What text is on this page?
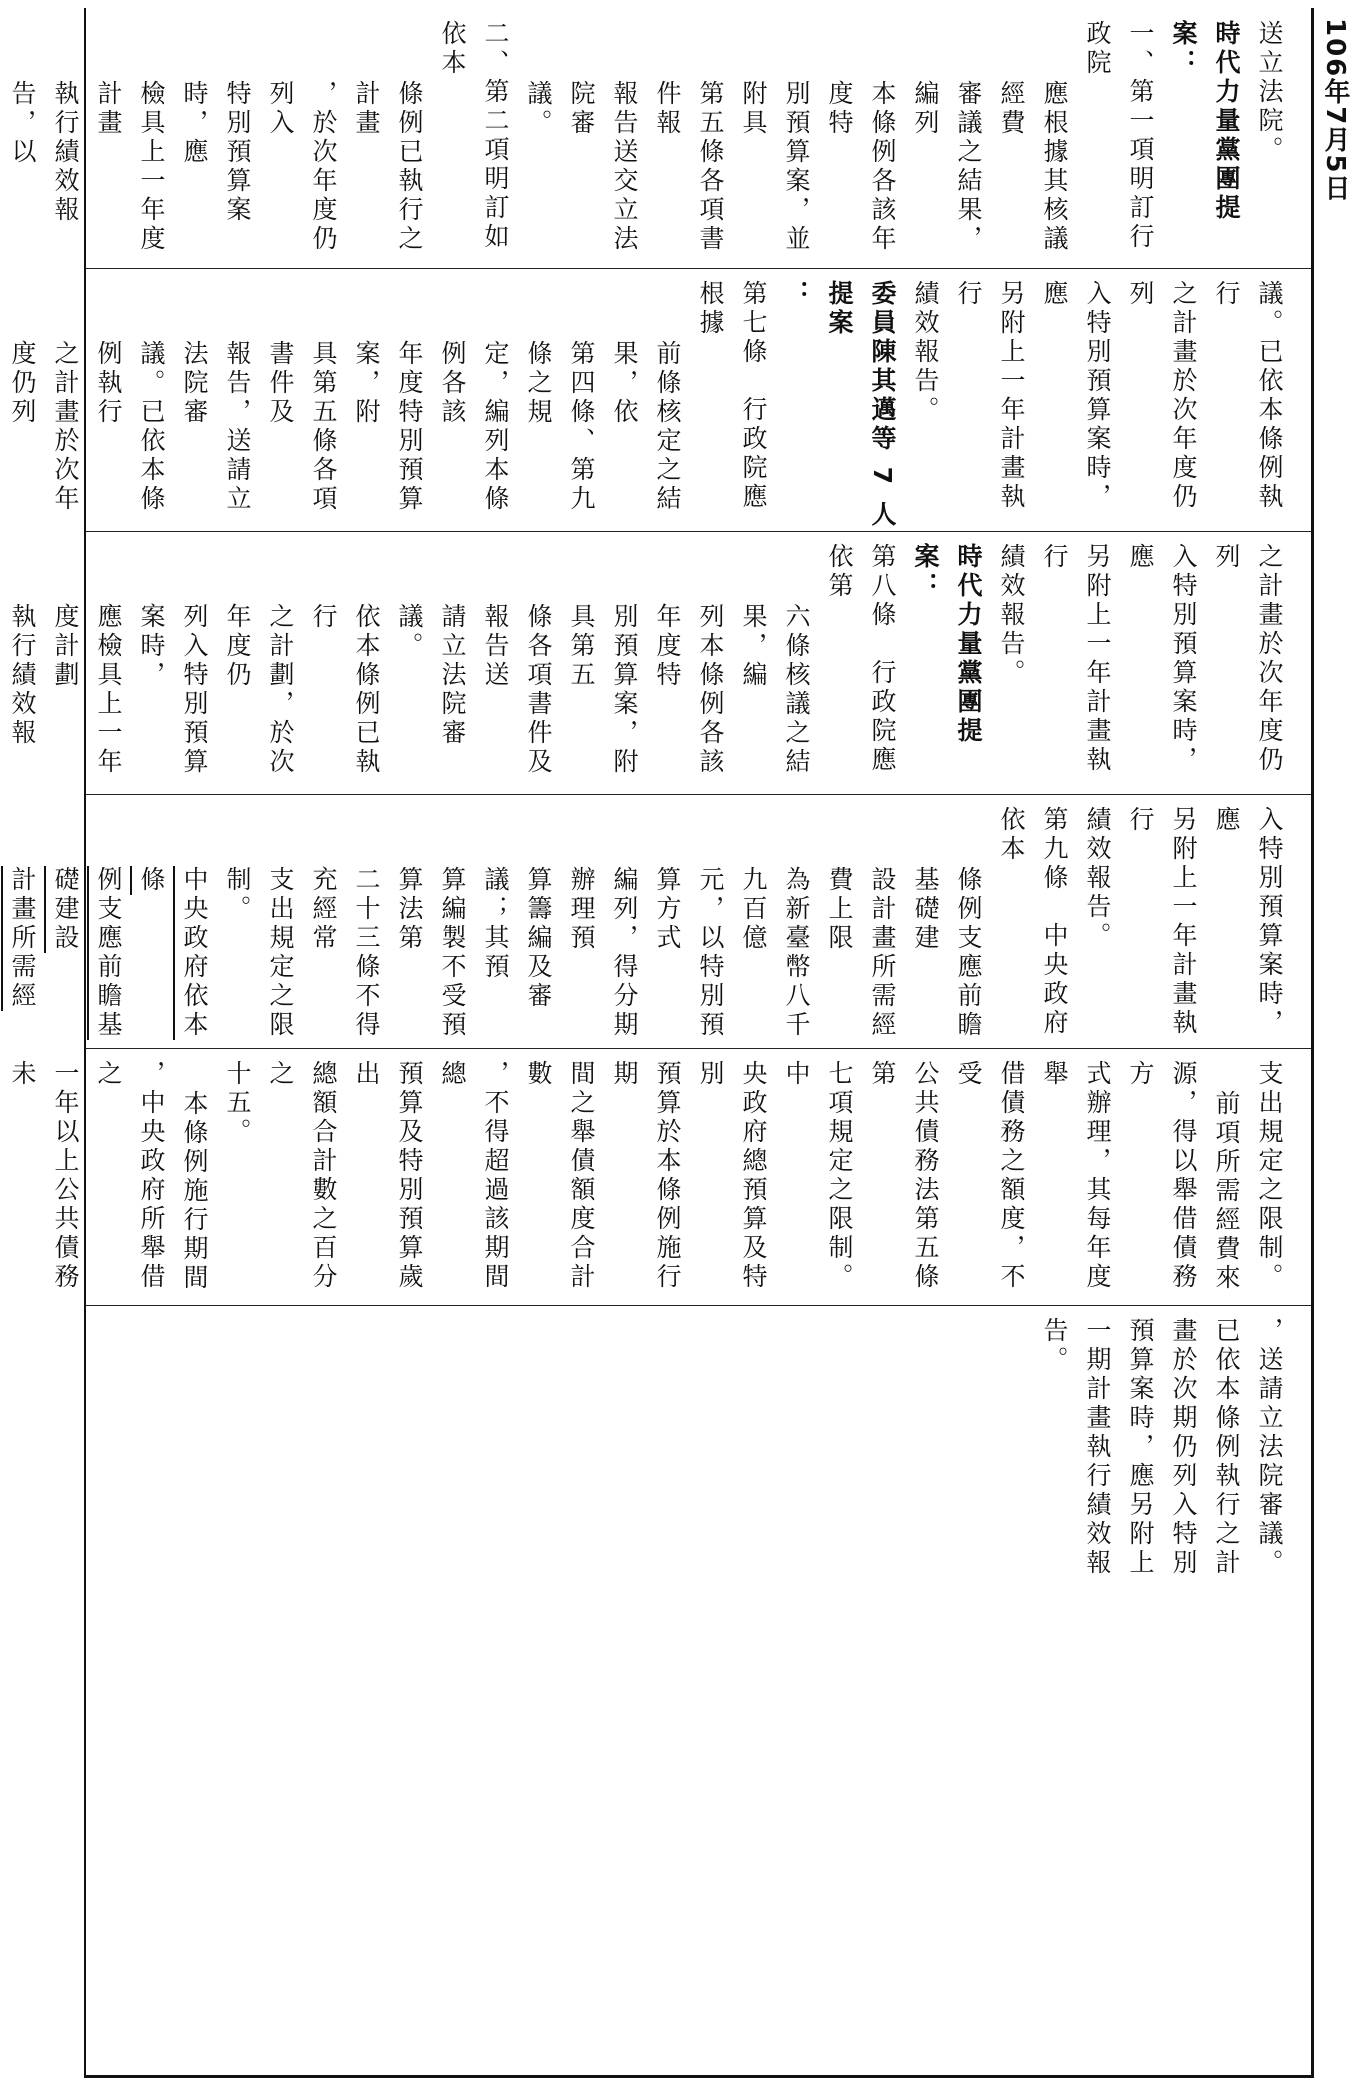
106年7月5日
送立法院。
時代力量黨團提案：
一、第一項明訂行政院
應根據其核議經費
審議之結果，編列
本條例各該年度特
別預算案，並附具
第五條各項書件報
報告送交立法院審
議。
二、第二項明訂如依本
條例已執行之計畫
，於次年度仍列入
特別預算案時，應
檢具上一年度計畫
執行績效報告，以
議。已依本條例執行
之計畫於次年度仍列
入特別預算案時，應
另附上一年計畫執行
績效報告。
委員陳其邁等 7 人提案
：
第七條　行政院應根據
前條核定之結果，依
第四條、第九條之規
定，編列本條例各該
年度特別預算案，附
具第五條各項書件及
報告，送請立法院審
議。已依本條例執行
之計畫於次年度仍列
之計畫於次年度仍列
入特別預算案時，應
另附上一年計畫執行
績效報告。
時代力量黨團提案：
第八條　行政院應依第
六條核議之結果，編
列本條例各該年度特
別預算案，附具第五
條各項書件及報告送
請立法院審議。
依本條例已執行
之計劃，於次年度仍
列入特別預算案時，
應檢具上一年度計劃
執行績效報
入特別預算案時，應
另附上一年計畫執行
績效報告。
第九條　中央政府依本
條例支應前瞻基礎建
設計畫所需經費上限
為新臺幣八千九百億
元，以特別預算方式
編列，得分期辦理預
算籌編及審議；其預
算編製不受預算法第
二十三條不得充經常
支出規定之限制。
中央政府依本條
例支應前瞻基礎建設
計畫所需經
支出規定之限制。
前項所需經費來
源，得以舉借債務方
式辦理，其每年度舉
借債務之額度，不受
公共債務法第五條第
七項規定之限制。中
央政府總預算及特別
預算於本條例施行期
間之舉債額度合計數
，不得超過該期間總
預算及特別預算歲出
總額合計數之百分之
十五。
本條例施行期間
，中央政府所舉借之
一年以上公共債務未
，送請立法院審議。
已依本條例執行之計
畫於次期仍列入特別
預算案時，應另附上
一期計畫執行績效報
告。
